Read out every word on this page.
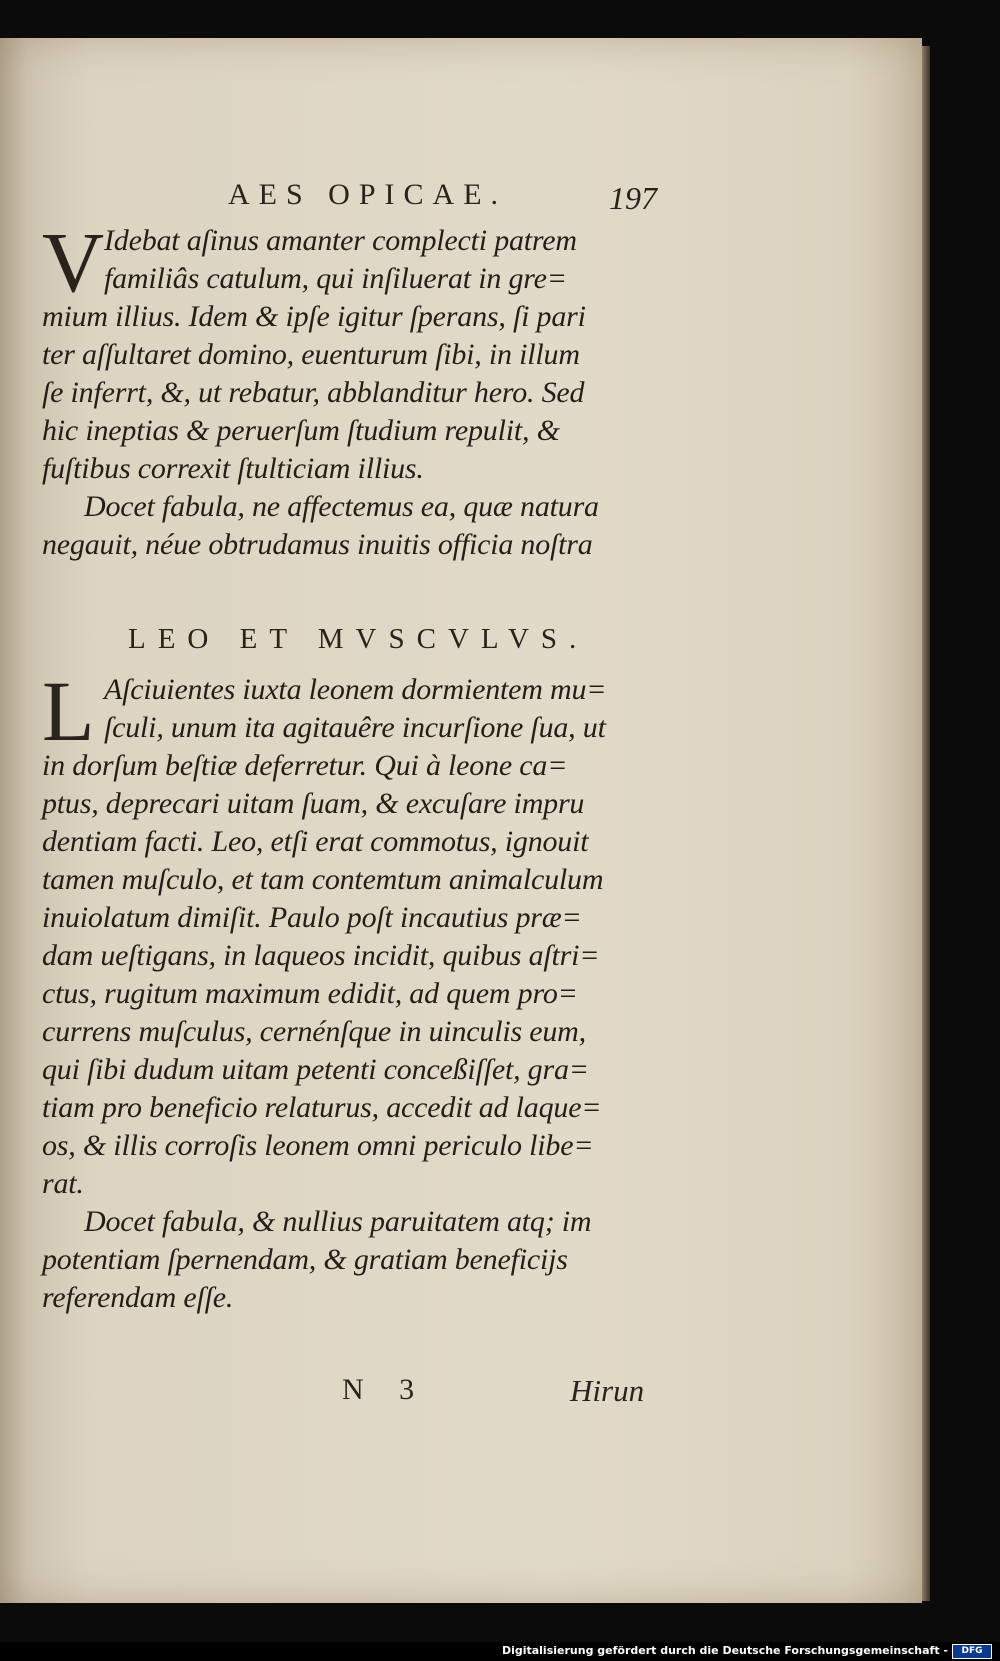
AES OPICAE.	197
V Idebat aſinus amanter complecti patrem
familiâs catulum, qui inſiluerat in gre=
mium illius. Idem & ipſe igitur ſperans, ſi pari
ter aſſultaret domino, euenturum ſibi, in illum
ſe inferrt, &, ut rebatur, abblanditur hero. Sed
hic ineptias & peruerſum ſtudium repulit, &
fuſtibus correxit ſtulticiam illius.
Docet fabula, ne affectemus ea, quæ natura
negauit, néue obtrudamus inuitis officia noſtra
LEO ET MVSCVLVS.
L Aſciuientes iuxta leonem dormientem mu=
ſculi, unum ita agitauêre incurſione ſua, ut
in dorſum beſtiæ deferretur. Qui à leone ca=
ptus, deprecari uitam ſuam, & excuſare impru
dentiam facti. Leo, etſi erat commotus, ignouit
tamen muſculo, et tam contemtum animalculum
inuiolatum dimiſit. Paulo poſt incautius præ=
dam ueſtigans, in laqueos incidit, quibus aſtri=
ctus, rugitum maximum edidit, ad quem pro=
currens muſculus, cernénſque in uinculis eum,
qui ſibi dudum uitam petenti conceßiſſet, gra=
tiam pro beneficio relaturus, accedit ad laque=
os, & illis corroſis leonem omni periculo libe=
rat.
Docet fabula, & nullius paruitatem atq; im
potentiam ſpernendam, & gratiam beneficijs
referendam eſſe.
N 3	Hirun
Digitalisierung gefördert durch die Deutsche Forschungsgemeinschaft -	DFG
